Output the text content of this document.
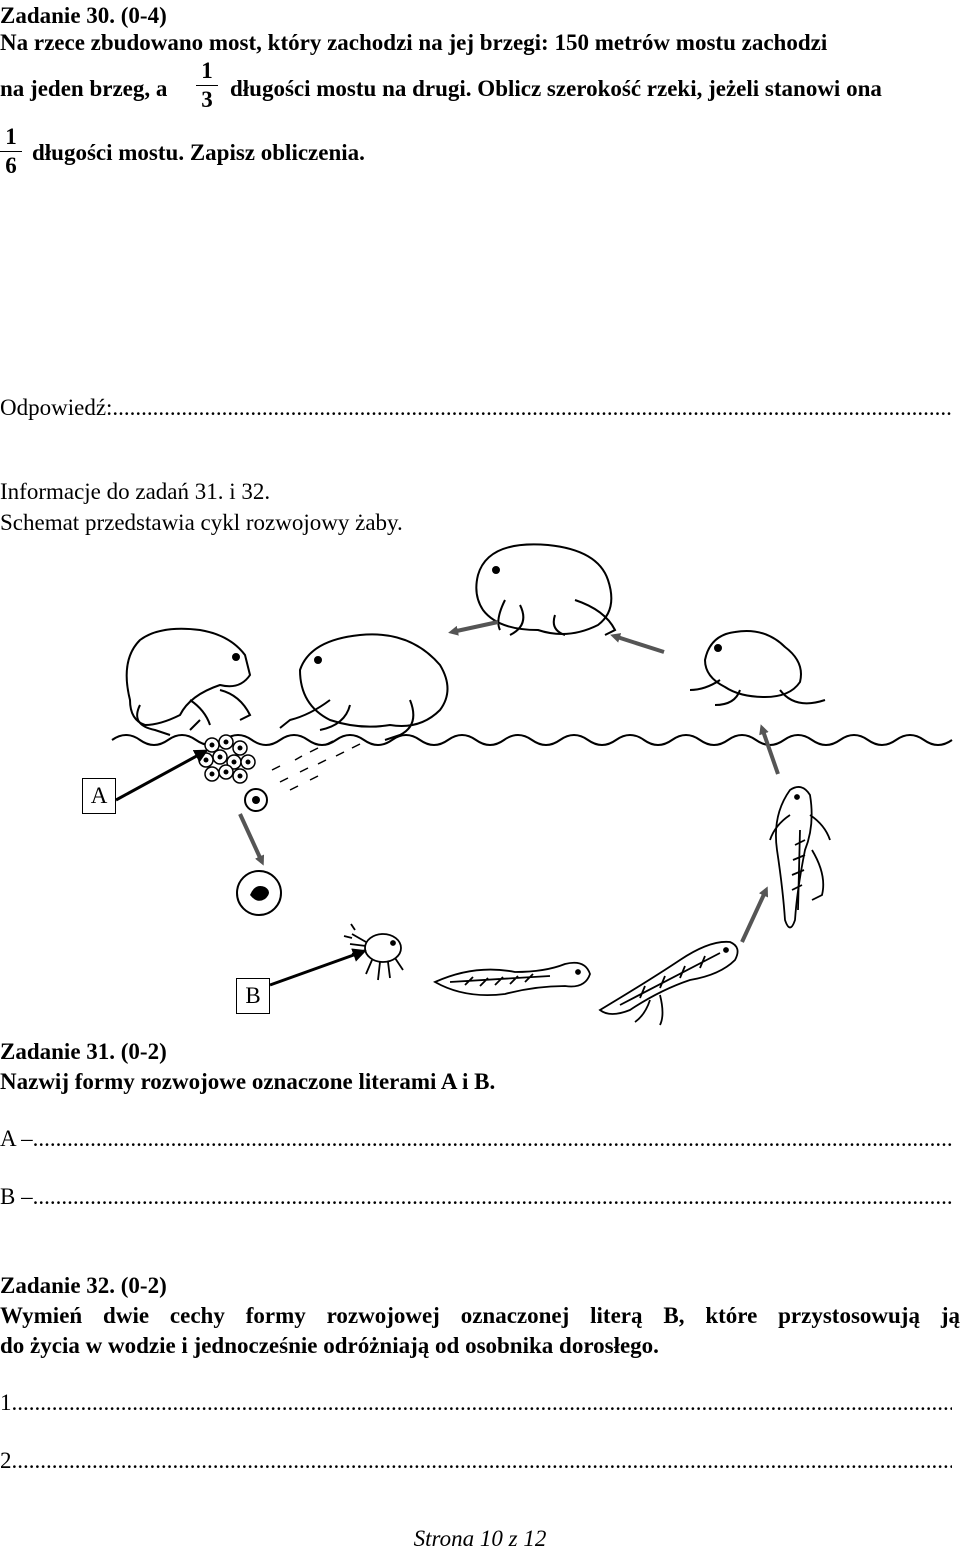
Zadanie 30. (0-4)
Na rzece zbudowano most, który zachodzi na jej brzegi: 150 metrów mostu zachodzi
na jeden brzeg, a
1
3 długości mostu na drugi. Oblicz szerokość rzeki, jeżeli stanowi ona
1
6
długości mostu. Zapisz obliczenia.
Odpowiedź: .....
Informacje do zadań 31. i 32.
Schemat przedstawia cykl rozwojowy żaby.
A
B
Zadanie 31. (0-2)
Nazwij formy rozwojowe oznaczone literami A i B.
A – .....
B – .....
Zadanie 32. (0-2)
Wymień dwie cechy formy rozwojowej oznaczonej literą B, które przystosowują ją
do życia w wodzie i jednocześnie odróżniają od osobnika dorosłego.
1. .....
2. .....
Strona 10 z 12
